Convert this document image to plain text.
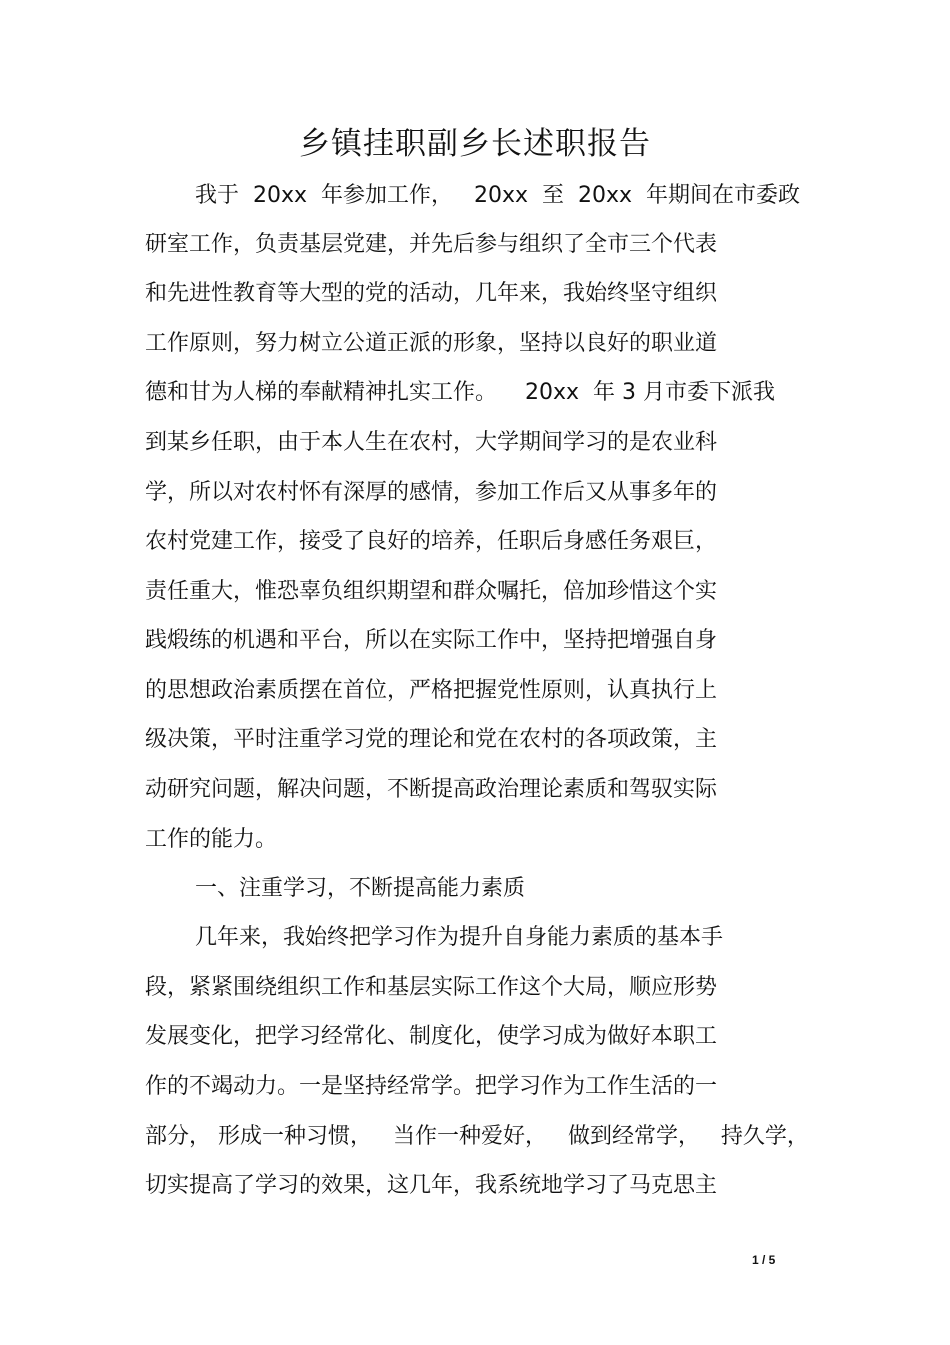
乡镇挂职副乡长述职报告
我于  20xx  年参加工作，   20xx  至  20xx  年期间在市委政
研室工作，负责基层党建，并先后参与组织了全市三个代表
和先进性教育等大型的党的活动，几年来，我始终坚守组织
工作原则，努力树立公道正派的形象，坚持以良好的职业道
德和甘为人梯的奉献精神扎实工作。    20xx  年 3 月市委下派我
到某乡任职，由于本人生在农村，大学期间学习的是农业科
学，所以对农村怀有深厚的感情，参加工作后又从事多年的
农村党建工作，接受了良好的培养，任职后身感任务艰巨，
责任重大，惟恐辜负组织期望和群众嘱托，倍加珍惜这个实
践煅练的机遇和平台，所以在实际工作中，坚持把增强自身
的思想政治素质摆在首位，严格把握党性原则，认真执行上
级决策，平时注重学习党的理论和党在农村的各项政策，主
动研究问题，解决问题，不断提高政治理论素质和驾驭实际
工作的能力。
一、注重学习，不断提高能力素质
几年来，我始终把学习作为提升自身能力素质的基本手
段，紧紧围绕组织工作和基层实际工作这个大局，顺应形势
发展变化，把学习经常化、制度化，使学习成为做好本职工
作的不竭动力。一是坚持经常学。把学习作为工作生活的一
部分， 形成一种习惯，   当作一种爱好，   做到经常学，   持久学，
切实提高了学习的效果，这几年，我系统地学习了马克思主
1 / 5
